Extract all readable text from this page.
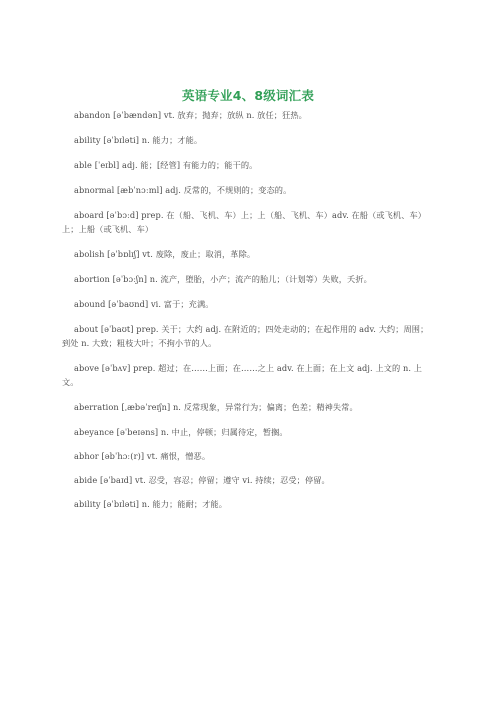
英语专业4、8级词汇表

abandon [əˈbændən] vt. 放弃；抛弃；放纵 n. 放任；狂热。

ability [əˈbɪləti] n. 能力；才能。

able [ˈeɪbl] adj. 能；[经管] 有能力的；能干的。

abnormal [æbˈnɔːml] adj. 反常的，不规则的；变态的。

aboard [əˈbɔːd] prep. 在（船、飞机、车）上；上（船、飞机、车）adv. 在船（或飞机、车）上；上船（或飞机、车）

abolish [əˈbɒlɪʃ] vt. 废除，废止；取消，革除。

abortion [əˈbɔːʃn] n. 流产，堕胎，小产；流产的胎儿；（计划等）失败，夭折。

abound [əˈbaʊnd] vi. 富于；充满。

about [əˈbaʊt] prep. 关于；大约 adj. 在附近的；四处走动的；在起作用的 adv. 大约；周围；到处 n. 大致；粗枝大叶；不拘小节的人。

above [əˈbʌv] prep. 超过；在……上面；在……之上 adv. 在上面；在上文 adj. 上文的 n. 上文。

aberration [ˌæbəˈreɪʃn] n. 反常现象，异常行为；偏离；色差；精神失常。

abeyance [əˈbeɪəns] n. 中止，停顿；归属待定，暂搁。

abhor [əbˈhɔː(r)] vt. 痛恨，憎恶。

abide [əˈbaɪd] vt. 忍受，容忍；停留；遵守 vi. 持续；忍受；停留。

ability [əˈbɪləti] n. 能力；能耐；才能。
